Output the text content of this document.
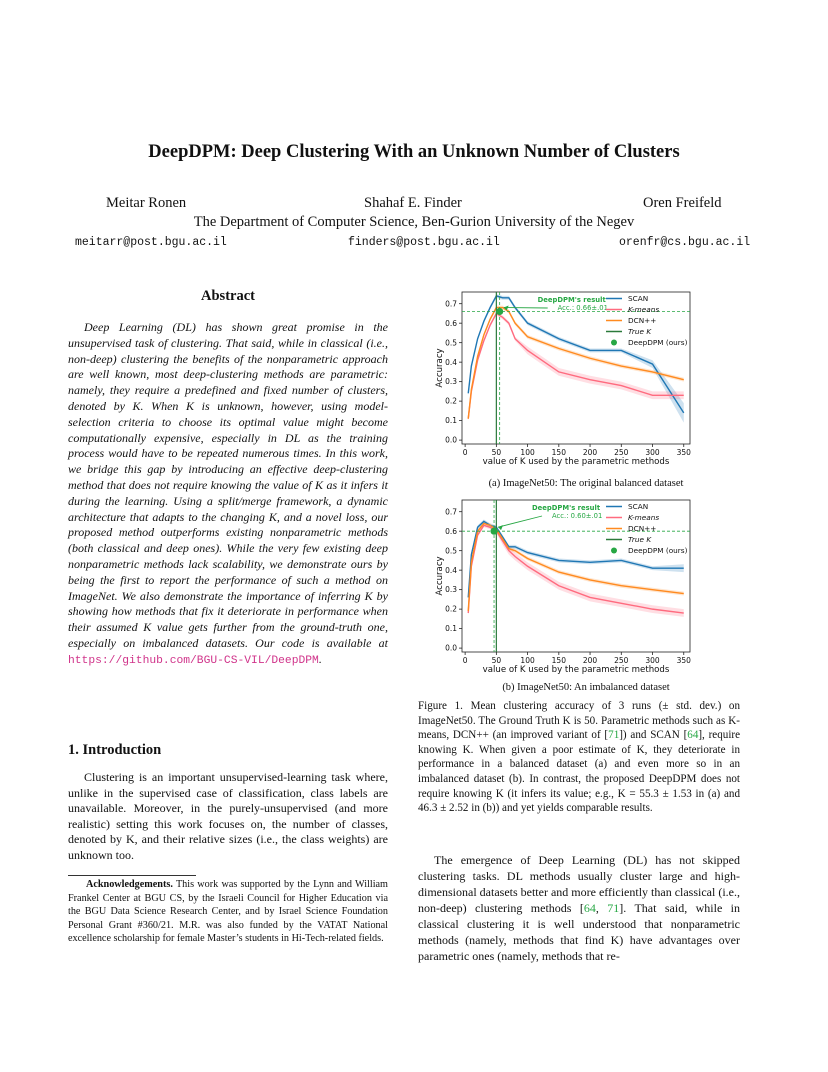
DeepDPM: Deep Clustering With an Unknown Number of Clusters
Meitar Ronen	Shahaf E. Finder	Oren Freifeld
The Department of Computer Science, Ben-Gurion University of the Negev
meitarr@post.bgu.ac.il	finders@post.bgu.ac.il	orenfr@cs.bgu.ac.il
Abstract

Deep Learning (DL) has shown great promise in the unsupervised task of clustering. That said, while in classical (i.e., non-deep) clustering the benefits of the nonparametric approach are well known, most deep-clustering methods are parametric: namely, they require a predefined and fixed number of clusters, denoted by K. When K is unknown, however, using model-selection criteria to choose its optimal value might become computationally expensive, especially in DL as the training process would have to be repeated numerous times. In this work, we bridge this gap by introducing an effective deep-clustering method that does not require knowing the value of K as it infers it during the learning. Using a split/merge framework, a dynamic architecture that adapts to the changing K, and a novel loss, our proposed method outperforms existing nonparametric methods (both classical and deep ones). While the very few existing deep nonparametric methods lack scalability, we demonstrate ours by being the first to report the performance of such a method on ImageNet. We also demonstrate the importance of inferring K by showing how methods that fix it deteriorate in performance when their assumed K value gets further from the ground-truth one, especially on imbalanced datasets. Our code is available at https://github.com/BGU-CS-VIL/DeepDPM.

1. Introduction

Clustering is an important unsupervised-learning task where, unlike in the supervised case of classification, class labels are unavailable. Moreover, in the purely-unsupervised (and more realistic) setting this work focuses on, the number of classes, denoted by K, and their relative sizes (i.e., the class weights) are unknown too.

Acknowledgements. This work was supported by the Lynn and William Frankel Center at BGU CS, by the Israeli Council for Higher Education via the BGU Data Science Research Center, and by Israel Science Foundation Personal Grant #360/21. M.R. was also funded by the VATAT National excellence scholarship for female Master’s students in Hi-Tech-related fields.

0.0
0.1
0.2
0.3
0.4
0.5
0.6
0.7
0	50	100 150 200 250 300 350
value of K used by the parametric methods
Accuracy
DeepDPM's result
Acc.: 0.66±.01
SCAN
K-means
DCN++
True K
DeepDPM (ours)
(a) ImageNet50: The original balanced dataset
0.0
0.1
0.2
0.3
0.4
0.5
0.6
0.7
0	50	100 150 200 250 300 350
value of K used by the parametric methods
Accuracy
DeepDPM's result
Acc.: 0.60±.01
SCAN
K-means
DCN++
True K
DeepDPM (ours)
(b) ImageNet50: An imbalanced dataset

Figure 1. Mean clustering accuracy of 3 runs (± std. dev.) on ImageNet50. The Ground Truth K is 50. Parametric methods such as K-means, DCN++ (an improved variant of [71]) and SCAN [64], require knowing K. When given a poor estimate of K, they deteriorate in performance in a balanced dataset (a) and even more so in an imbalanced dataset (b). In contrast, the proposed DeepDPM does not require knowing K (it infers its value; e.g., K = 55.3 ± 1.53 in (a) and 46.3 ± 2.52 in (b)) and yet yields comparable results.

The emergence of Deep Learning (DL) has not skipped clustering tasks. DL methods usually cluster large and high-dimensional datasets better and more efficiently than classical (i.e., non-deep) clustering methods [64, 71]. That said, while in classical clustering it is well understood that nonparametric methods (namely, methods that find K) have advantages over parametric ones (namely, methods that re-
